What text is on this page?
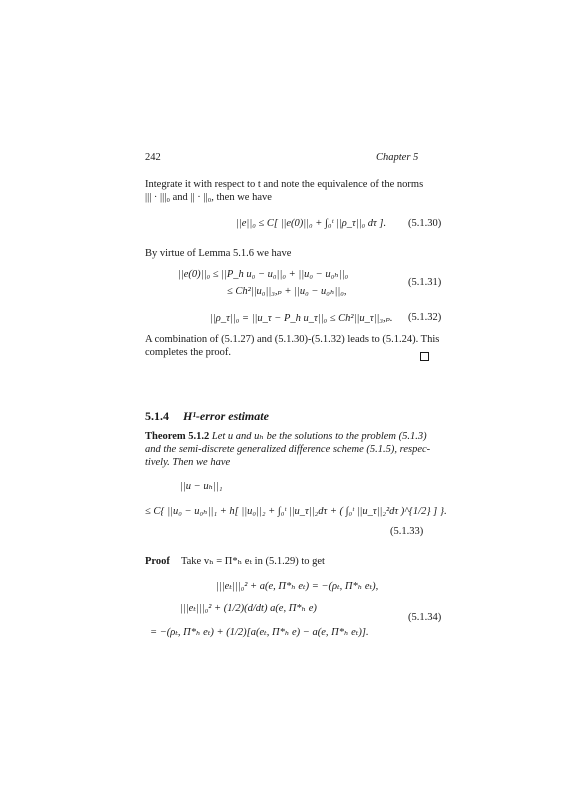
242	Chapter 5
Integrate it with respect to t and note the equivalence of the norms
||| · |||₀ and || · ||₀, then we have
||e||₀ ≤ C[ ||e(0)||₀ + ∫₀ᵗ ||ρ_τ||₀ dτ ]. (5.1.30)
By virtue of Lemma 5.1.6 we have
||e(0)||₀ ≤ ||P_h u₀ − u₀||₀ + ||u₀ − u₀ₕ||₀
≤ Ch²||u₀||₃,ₚ + ||u₀ − u₀ₕ||₀,
(5.1.31)
||ρ_τ||₀ = ||u_τ − P_h u_τ||₀ ≤ Ch²||u_τ||₃,ₚ. (5.1.32)
A combination of (5.1.27) and (5.1.30)-(5.1.32) leads to (5.1.24). This
completes the proof.
5.1.4 H¹-error estimate
Theorem 5.1.2 Let u and uₕ be the solutions to the problem (5.1.3)
and the semi-discrete generalized difference scheme (5.1.5), respec-
tively. Then we have
||u − uₕ||₁
≤ C{ ||u₀ − u₀ₕ||₁ + h[ ||u₀||₂ + ∫₀ᵗ ||u_τ||₂dτ + ( ∫₀ᵗ ||u_τ||₂²dτ )^{1/2} ] }.
(5.1.33)
Proof Take vₕ = Π*ₕ eₜ in (5.1.29) to get
|||eₜ|||₀² + a(e, Π*ₕ eₜ) = −(ρₜ, Π*ₕ eₜ),
|||eₜ|||₀² + (1/2)(d/dt) a(e, Π*ₕ e)
= −(ρₜ, Π*ₕ eₜ) + (1/2)[a(eₜ, Π*ₕ e) − a(e, Π*ₕ eₜ)].
(5.1.34)
